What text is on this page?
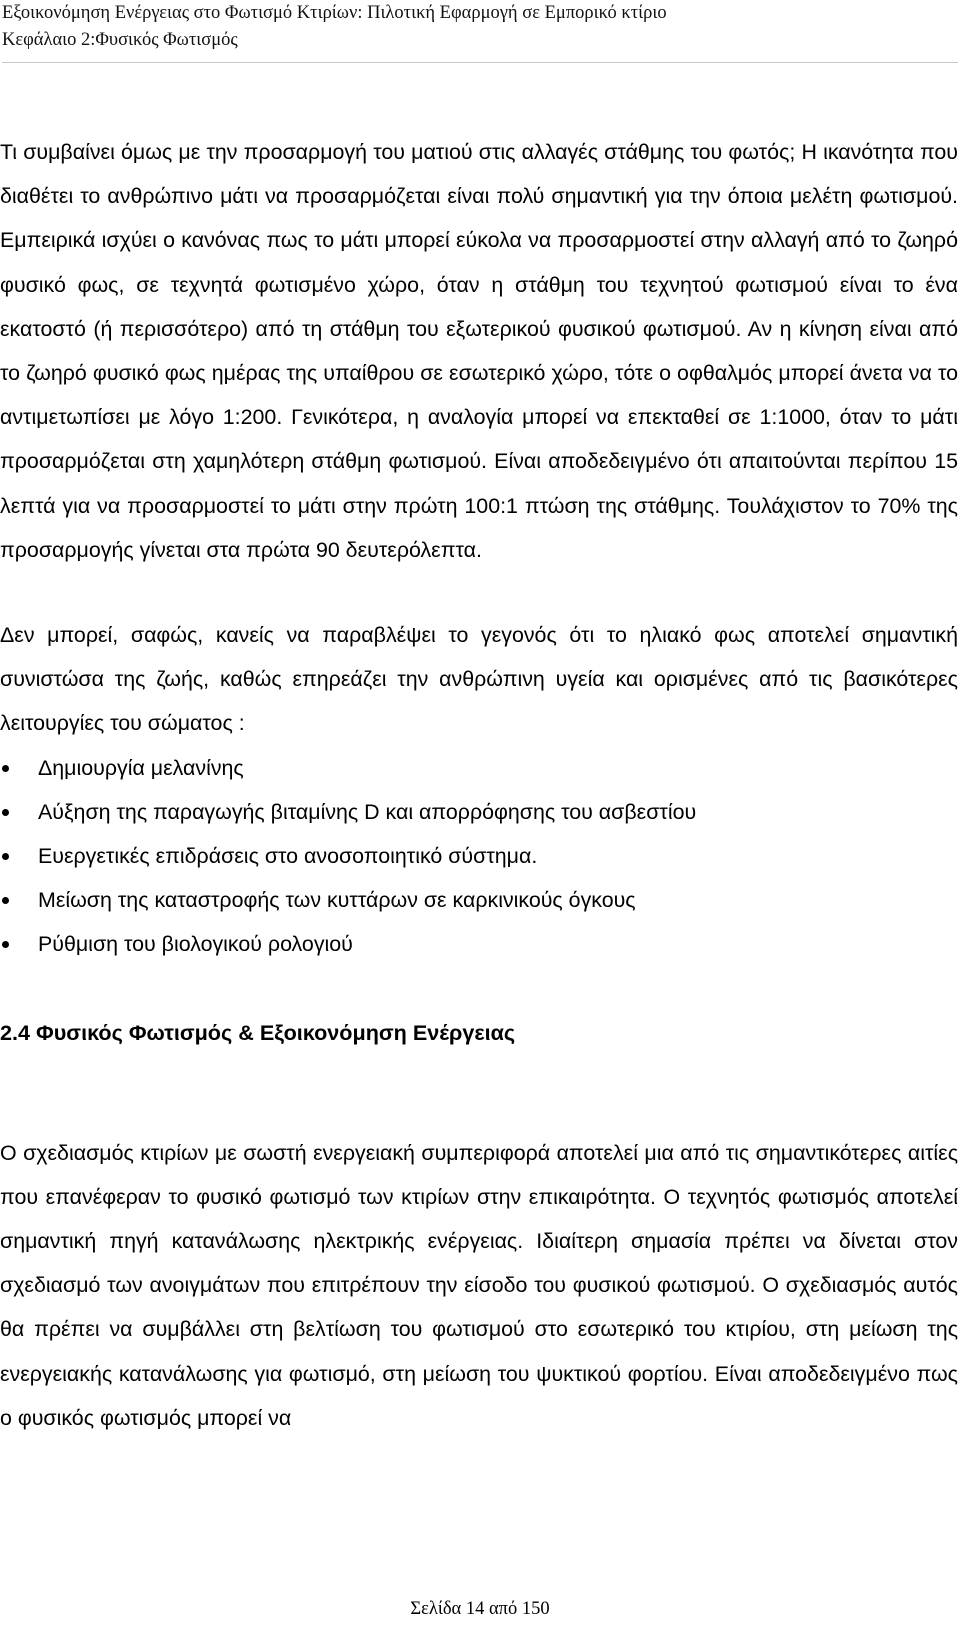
Εξοικονόμηση Ενέργειας στο Φωτισμό Κτιρίων: Πιλοτική Εφαρμογή σε Εμπορικό κτίριο
Κεφάλαιο 2:Φυσικός Φωτισμός

Τι συμβαίνει όμως με την προσαρμογή του ματιού στις αλλαγές στάθμης του φωτός; Η ικανότητα που διαθέτει το ανθρώπινο μάτι να προσαρμόζεται είναι πολύ σημαντική για την όποια μελέτη φωτισμού. Εμπειρικά ισχύει ο κανόνας πως το μάτι μπορεί εύκολα να προσαρμοστεί στην αλλαγή από το ζωηρό φυσικό φως, σε τεχνητά φωτισμένο χώρο, όταν η στάθμη του τεχνητού φωτισμού είναι το ένα εκατοστό (ή περισσότερο) από τη στάθμη του εξωτερικού φυσικού φωτισμού. Αν η κίνηση είναι από το ζωηρό φυσικό φως ημέρας της υπαίθρου σε εσωτερικό χώρο, τότε ο οφθαλμός μπορεί άνετα να το αντιμετωπίσει με λόγο 1:200. Γενικότερα, η αναλογία μπορεί να επεκταθεί σε 1:1000, όταν το μάτι προσαρμόζεται στη χαμηλότερη στάθμη φωτισμού. Είναι αποδεδειγμένο ότι απαιτούνται περίπου 15 λεπτά για να προσαρμοστεί το μάτι στην πρώτη 100:1 πτώση της στάθμης. Τουλάχιστον το 70% της προσαρμογής γίνεται στα πρώτα 90 δευτερόλεπτα.

Δεν μπορεί, σαφώς, κανείς να παραβλέψει το γεγονός ότι το ηλιακό φως αποτελεί σημαντική συνιστώσα της ζωής, καθώς επηρεάζει την ανθρώπινη υγεία και ορισμένες από τις βασικότερες λειτουργίες του σώματος :

Δημιουργία μελανίνης
Αύξηση της παραγωγής βιταμίνης D και απορρόφησης του ασβεστίου
Ευεργετικές επιδράσεις στο ανοσοποιητικό σύστημα.
Μείωση της καταστροφής των κυττάρων σε καρκινικούς όγκους
Ρύθμιση του βιολογικού ρολογιού
2.4 Φυσικός Φωτισμός & Εξοικονόμηση Ενέργειας

Ο σχεδιασμός κτιρίων με σωστή ενεργειακή συμπεριφορά αποτελεί μια από τις σημαντικότερες αιτίες που επανέφεραν το φυσικό φωτισμό των κτιρίων στην επικαιρότητα. Ο τεχνητός φωτισμός αποτελεί σημαντική πηγή κατανάλωσης ηλεκτρικής ενέργειας. Ιδιαίτερη σημασία πρέπει να δίνεται στον σχεδιασμό των ανοιγμάτων που επιτρέπουν την είσοδο του φυσικού φωτισμού. Ο σχεδιασμός αυτός θα πρέπει να συμβάλλει στη βελτίωση του φωτισμού στο εσωτερικό του κτιρίου, στη μείωση της ενεργειακής κατανάλωσης για φωτισμό, στη μείωση του ψυκτικού φορτίου. Είναι αποδεδειγμένο πως ο φυσικός φωτισμός μπορεί να

Σελίδα 14 από 150
